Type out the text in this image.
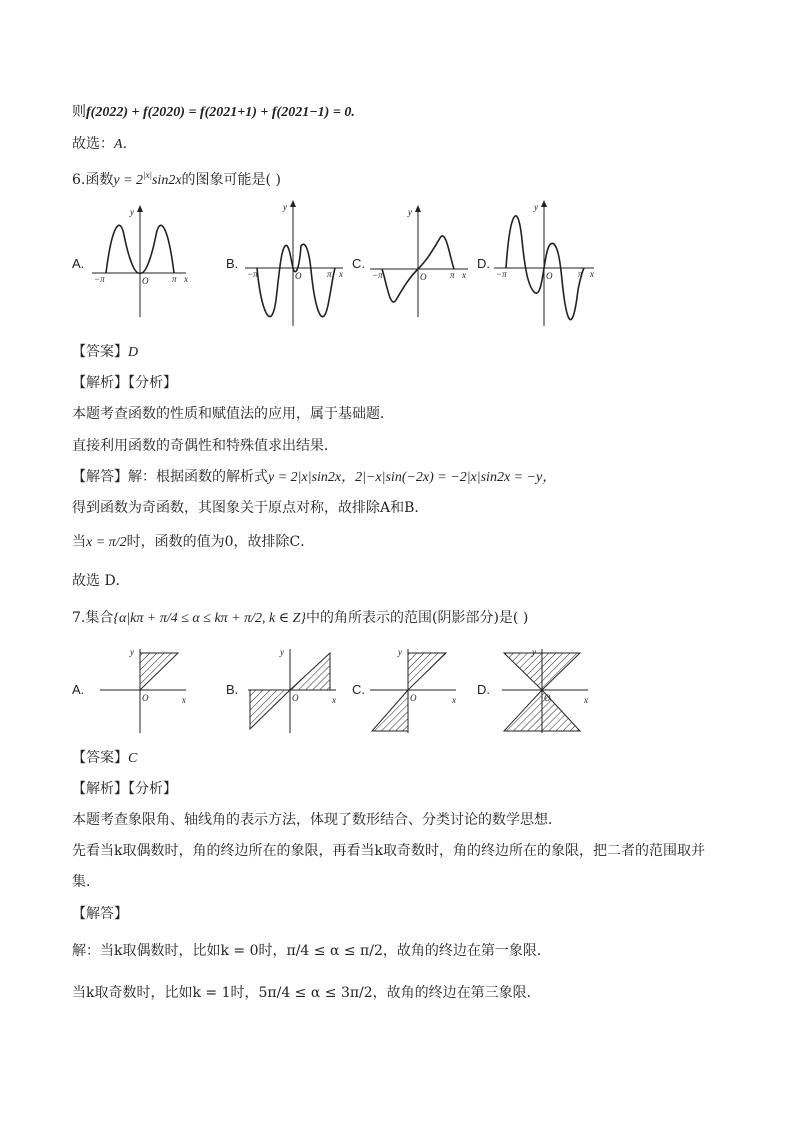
则f(2022) + f(2020) = f(2021+1) + f(2021−1) = 0.
故选：A.
6.函数$y = 2^{|x|}\sin 2x$的图象可能是( )
A.
−π	π x
y
O
B.
−π	π x
y
O
C.
−π	π x
y
O
D.
−π	π x
y
O
【答案】D
【解析】【分析】
本题考查函数的性质和赋值法的应用，属于基础题．
直接利用函数的奇偶性和特殊值求出结果．
【解答】解：根据函数的解析式y = 2|x|sin2x，2|−x|sin(−2x) = −2|x|sin2x = −y，
得到函数为奇函数，其图象关于原点对称，故排除A和B．
当x = π/2时，函数的值为0，故排除C．
故选 D．
7.集合{α|kπ + π/4 ≤ α ≤ kπ + π/2, k ∈ Z}中的角所表示的范围(阴影部分)是( )
A.
x
y
O
B.
x
y
O
C.
x
y
O
D.
x
y
O
【答案】C
【解析】【分析】
本题考查象限角、轴线角的表示方法，体现了数形结合、分类讨论的数学思想．
先看当k取偶数时，角的终边所在的象限，再看当k取奇数时，角的终边所在的象限，把二者的范围取并
集．
【解答】
解：当k取偶数时，比如k = 0时，π/4 ≤ α ≤ π/2，故角的终边在第一象限．
当k取奇数时，比如k = 1时，5π/4 ≤ α ≤ 3π/2，故角的终边在第三象限．
